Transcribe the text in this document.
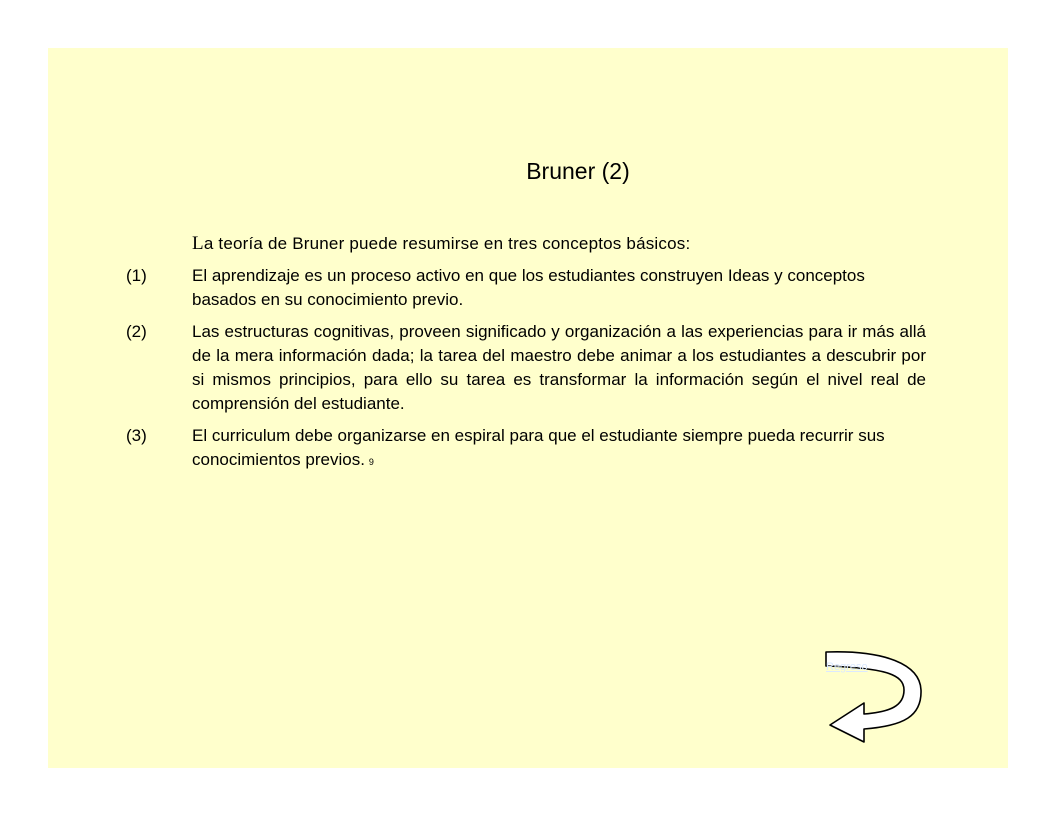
Bruner (2)
La teoría de Bruner puede resumirse en tres conceptos básicos:
(1)	El aprendizaje es un proceso activo en que los estudiantes construyen Ideas y conceptos basados en su conocimiento previo.
(2)	Las estructuras cognitivas, proveen significado y organización a las experiencias para ir más allá de la mera información dada; la tarea del maestro debe animar a los estudiantes a descubrir por si mismos principios, para ello su tarea es transformar la información según el nivel real de comprensión del estudiante.
(3)	El curriculum debe organizarse en espiral para que el estudiante siempre pueda recurrir sus conocimientos previos. 9
Regreso
